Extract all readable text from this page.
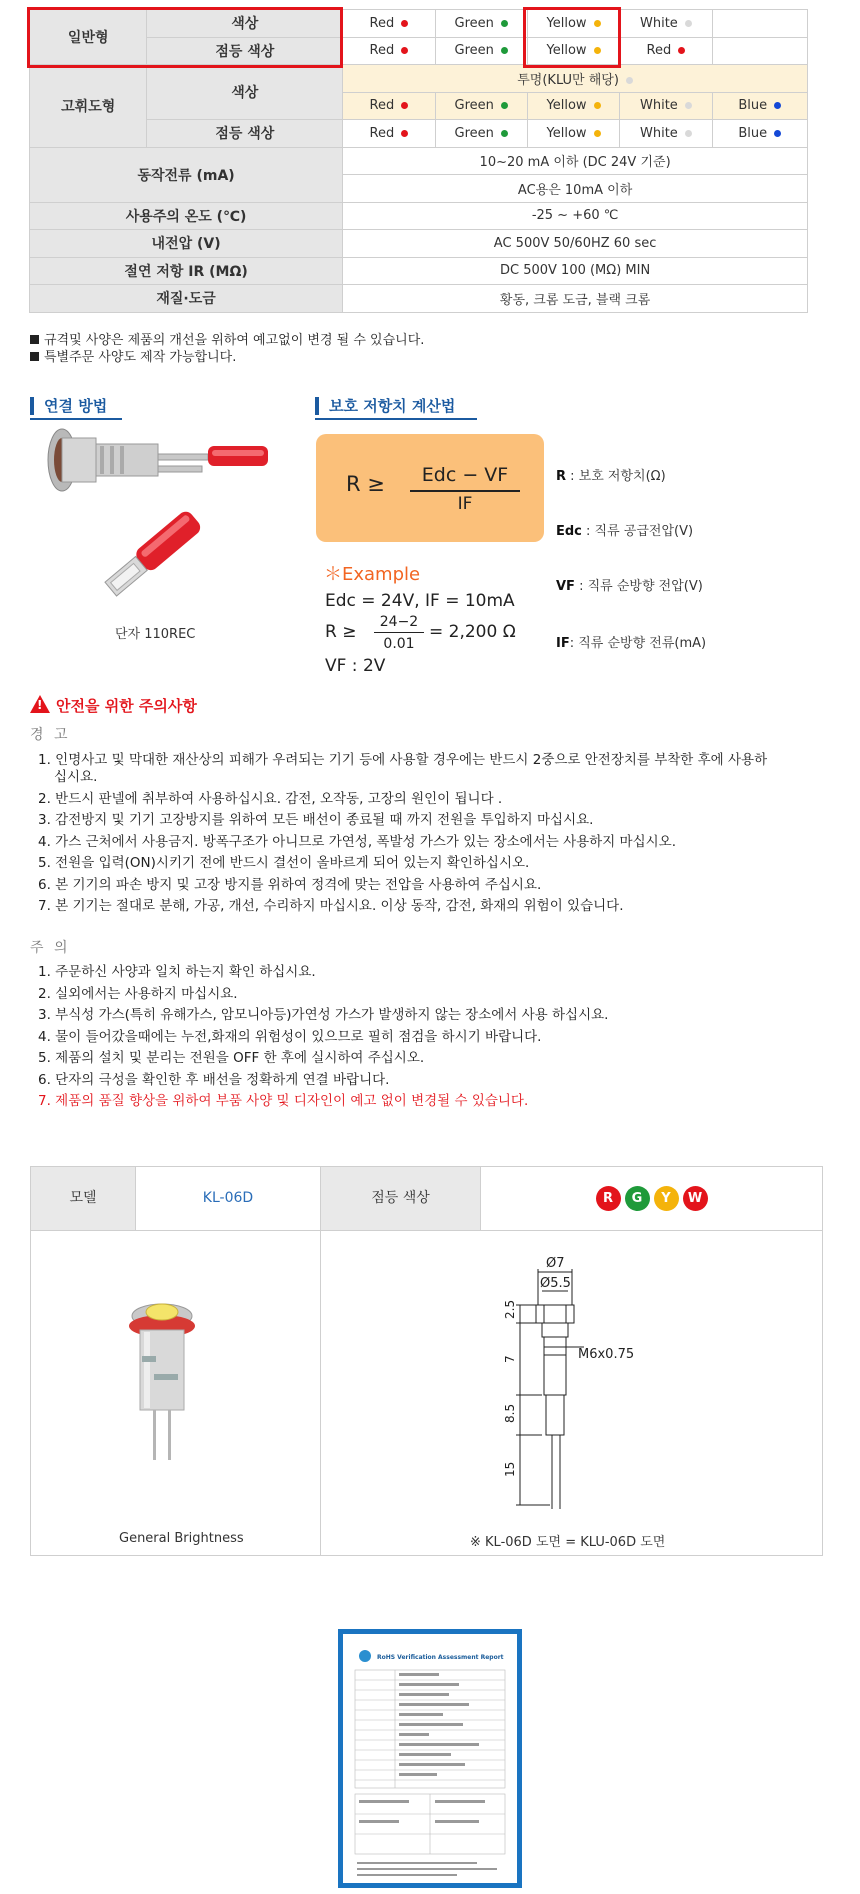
일반형	색상	Red	Green	Yellow	White	
	점등 색상	Red	Green	Yellow	Red	
고휘도형	색상	투명(KLU만 해당)				
		Red	Green	Yellow	White	Blue
	점등 색상	Red	Green	Yellow	White	Blue
동작전류 (mA)		10~20 mA 이하 (DC 24V 기준)				
		AC용은 10mA 이하				
사용주의 온도 (℃)		-25 ~ +60 ℃				
내전압 (V)		AC 500V 50/60HZ 60 sec				
절연 저항 IR (MΩ)		DC 500V 100 (MΩ) MIN				
재질·도금		황동, 크롬 도금, 블랙 크롬				
규격및 사양은 제품의 개선을 위하여 예고없이 변경 될 수 있습니다.
특별주문 사양도 제작 가능합니다.
연결 방법
단자 110REC
보호 저항치 계산법
R ≥	Edc − VF
IF
R : 보호 저항치(Ω)
Edc : 직류 공급전압(V)
VF : 직류 순방향 전압(V)
IF: 직류 순방향 전류(mA)
＊Example
Edc = 24V, IF = 10mA
R ≥	24−2
0.01
= 2,200 Ω
VF : 2V
!안전을 위한 주의사항
경 고
1. 인명사고 및 막대한 재산상의 피해가 우려되는 기기 등에 사용할 경우에는 반드시 2중으로 안전장치를 부착한 후에 사용하십시요.
2. 반드시 판넬에 취부하여 사용하십시요. 감전, 오작동, 고장의 원인이 됩니다 .
3. 감전방지 및 기기 고장방지를 위하여 모든 배선이 종료될 때 까지 전원을 투입하지 마십시요.
4. 가스 근처에서 사용금지. 방폭구조가 아니므로 가연성, 폭발성 가스가 있는 장소에서는 사용하지 마십시오.
5. 전원을 입력(ON)시키기 전에 반드시 결선이 올바르게 되어 있는지 확인하십시오.
6. 본 기기의 파손 방지 및 고장 방지를 위하여 정격에 맞는 전압을 사용하여 주십시요.
7. 본 기기는 절대로 분해, 가공, 개선, 수리하지 마십시요. 이상 동작, 감전, 화재의 위험이 있습니다.
주 의
1. 주문하신 사양과 일치 하는지 확인 하십시요.
2. 실외에서는 사용하지 마십시요.
3. 부식성 가스(특히 유해가스, 암모니아등)가연성 가스가 발생하지 않는 장소에서 사용 하십시요.
4. 물이 들어갔을때에는 누전,화재의 위험성이 있으므로 필히 점검을 하시기 바랍니다.
5. 제품의 설치 및 분리는 전원을 OFF 한 후에 실시하여 주십시오.
6. 단자의 극성을 확인한 후 배선을 정확하게 연결 바랍니다.
7. 제품의 품질 향상을 위하여 부품 사양 및 디자인이 예고 없이 변경될 수 있습니다.
모델	KL-06D	점등 색상	R G Y W
General Brightness
Ø7
Ø5.5
2.5
7
8.5
15
M6x0.75
※ KL-06D 도면 = KLU-06D 도면
RoHS Verification Assessment Report
